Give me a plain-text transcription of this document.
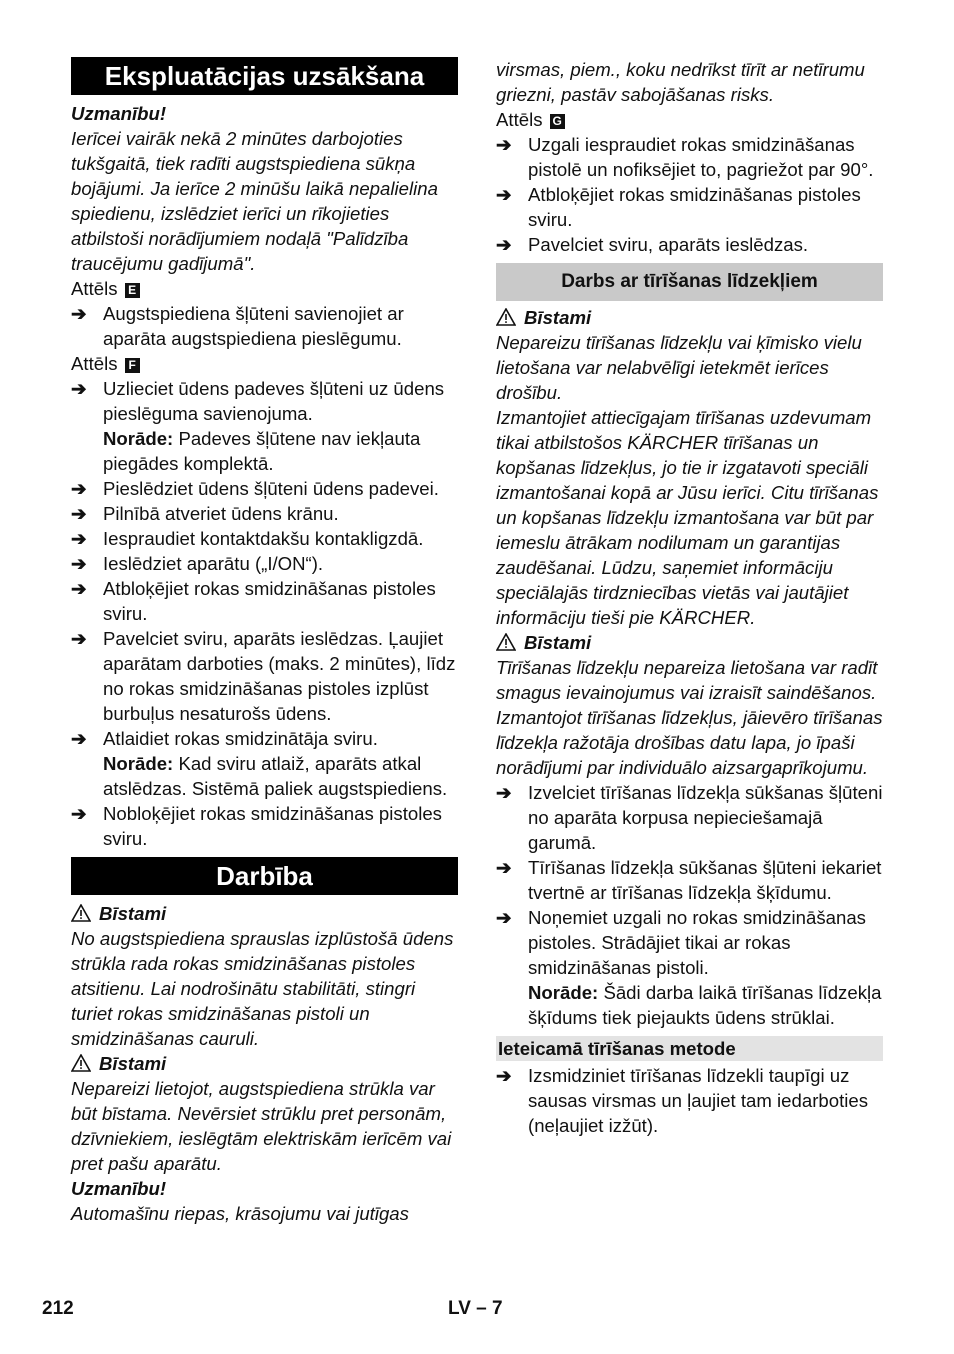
Ekspluatācijas uzsākšana

Uzmanību!

Ierīcei vairāk nekā 2 minūtes darbojoties tukšgaitā, tiek radīti augstspiediena sūkņa bojājumi. Ja ierīce 2 minūšu laikā nepalielina spiedienu, izslēdziet ierīci un rīkojieties atbilstoši norādījumiem nodaļā "Palīdzība traucējumu gadījumā".

Attēls E

➔ Augstspiediena šļūteni savienojiet ar aparāta augstspiediena pieslēgumu.

Attēls F

➔ Uzlieciet ūdens padeves šļūteni uz ūdens pieslēguma savienojuma.
Norāde: Padeves šļūtene nav iekļauta piegādes komplektā.
➔ Pieslēdziet ūdens šļūteni ūdens padevei.
➔ Pilnībā atveriet ūdens krānu.
➔ Iespraudiet kontaktdakšu kontakligzdā.
➔ Ieslēdziet aparātu („I/ON“).
➔ Atbloķējiet rokas smidzināšanas pistoles sviru.
➔ Pavelciet sviru, aparāts ieslēdzas. Ļaujiet aparātam darboties (maks. 2 minūtes), līdz no rokas smidzināšanas pistoles izplūst burbuļus nesaturošs ūdens.
➔ Atlaidiet rokas smidzinātāja sviru.
Norāde: Kad sviru atlaiž, aparāts atkal atslēdzas. Sistēmā paliek augstspiediens.
➔ Nobloķējiet rokas smidzināšanas pistoles sviru.
Darbība

Bīstami

No augstspiediena sprauslas izplūstošā ūdens strūkla rada rokas smidzināšanas pistoles atsitienu. Lai nodrošinātu stabilitāti, stingri turiet rokas smidzināšanas pistoli un smidzināšanas cauruli.

Bīstami

Nepareizi lietojot, augstspiediena strūkla var būt bīstama. Nevērsiet strūklu pret personām, dzīvniekiem, ieslēgtām elektriskām ierīcēm vai pret pašu aparātu.

Uzmanību!

Automašīnu riepas, krāsojumu vai jutīgas

virsmas, piem., koku nedrīkst tīrīt ar netīrumu griezni, pastāv sabojāšanas risks.

Attēls G

➔ Uzgali iespraudiet rokas smidzināšanas pistolē un nofiksējiet to, pagriežot par 90°.
➔ Atbloķējiet rokas smidzināšanas pistoles sviru.
➔ Pavelciet sviru, aparāts ieslēdzas.
Darbs ar tīrīšanas līdzekļiem

Bīstami

Nepareizu tīrīšanas līdzekļu vai ķīmisko vielu lietošana var nelabvēlīgi ietekmēt ierīces drošību.

Izmantojiet attiecīgajam tīrīšanas uzdevumam tikai atbilstošos KÄRCHER tīrīšanas un kopšanas līdzekļus, jo tie ir izgatavoti speciāli izmantošanai kopā ar Jūsu ierīci. Citu tīrīšanas un kopšanas līdzekļu izmantošana var būt par iemeslu ātrākam nodilumam un garantijas zaudēšanai. Lūdzu, saņemiet informāciju speciālajās tirdzniecības vietās vai jautājiet informāciju tieši pie KÄRCHER.

Bīstami

Tīrīšanas līdzekļu nepareiza lietošana var radīt smagus ievainojumus vai izraisīt saindēšanos.

Izmantojot tīrīšanas līdzekļus, jāievēro tīrīšanas līdzekļa ražotāja drošības datu lapa, jo īpaši norādījumi par individuālo aizsargaprīkojumu.

➔ Izvelciet tīrīšanas līdzekļa sūkšanas šļūteni no aparāta korpusa nepieciešamajā garumā.
➔ Tīrīšanas līdzekļa sūkšanas šļūteni iekariet tvertnē ar tīrīšanas līdzekļa šķīdumu.
➔ Noņemiet uzgali no rokas smidzināšanas pistoles. Strādājiet tikai ar rokas smidzināšanas pistoli.
Norāde: Šādi darba laikā tīrīšanas līdzekļa šķīdums tiek piejaukts ūdens strūklai.
Ieteicamā tīrīšanas metode
➔ Izsmidziniet tīrīšanas līdzekli taupīgi uz sausas virsmas un ļaujiet tam iedarboties (neļaujiet izžūt).
212	LV – 7
